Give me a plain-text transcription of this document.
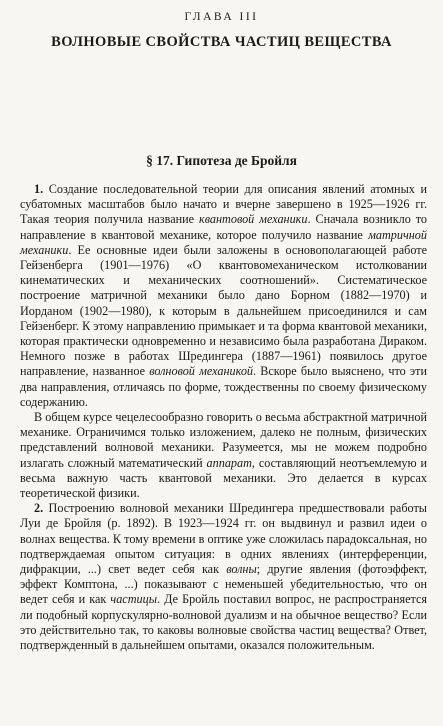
ГЛАВА III
ВОЛНОВЫЕ СВОЙСТВА ЧАСТИЦ ВЕЩЕСТВА
§ 17. Гипотеза де Бройля

1. Создание последовательной теории для описания явлений атомных и субатомных масштабов было начато и вчерне завершено в 1925—1926 гг. Такая теория получила название квантовой механики. Сначала возникло то направление в квантовой механике, которое получило название матричной механики. Ее основные идеи были заложены в основополагающей работе Гейзенберга (1901—1976) «О квантовомеханическом истолковании кинематических и механических соотношений». Систематическое построение матричной механики было дано Борном (1882—1970) и Иорданом (1902—1980), к которым в дальнейшем присоединился и сам Гейзенберг. К этому направлению примыкает и та форма квантовой механики, которая практически одновременно и независимо была разработана Дираком. Немного позже в работах Шредингера (1887—1961) появилось другое направление, названное волновой механикой. Вскоре было выяснено, что эти два направления, отличаясь по форме, тождественны по своему физическому содержанию.

В общем курсе чецелесообразно говорить о весьма абстрактной матричной механике. Ограничимся только изложением, далеко не полным, физических представлений волновой механики. Разумеется, мы не можем подробно излагать сложный математический аппарат, составляющий неотъемлемую и весьма важную часть квантовой механики. Это делается в курсах теоретической физики.

2. Построению волновой механики Шредингера предшествовали работы Луи де Бройля (р. 1892). В 1923—1924 гг. он выдвинул и развил идеи о волнах вещества. К тому времени в оптике уже сложилась парадоксальная, но подтверждаемая опытом ситуация: в одних явлениях (интерференции, дифракции, ...) свет ведет себя как волны; другие явления (фотоэффект, эффект Комптона, ...) показывают с неменьшей убедительностью, что он ведет себя и как частицы. Де Бройль поставил вопрос, не распространяется ли подобный корпускулярно-волновой дуализм и на обычное вещество? Если это действительно так, то каковы волновые свойства частиц вещества? Ответ, подтвержденный в дальнейшем опытами, оказался положительным.
